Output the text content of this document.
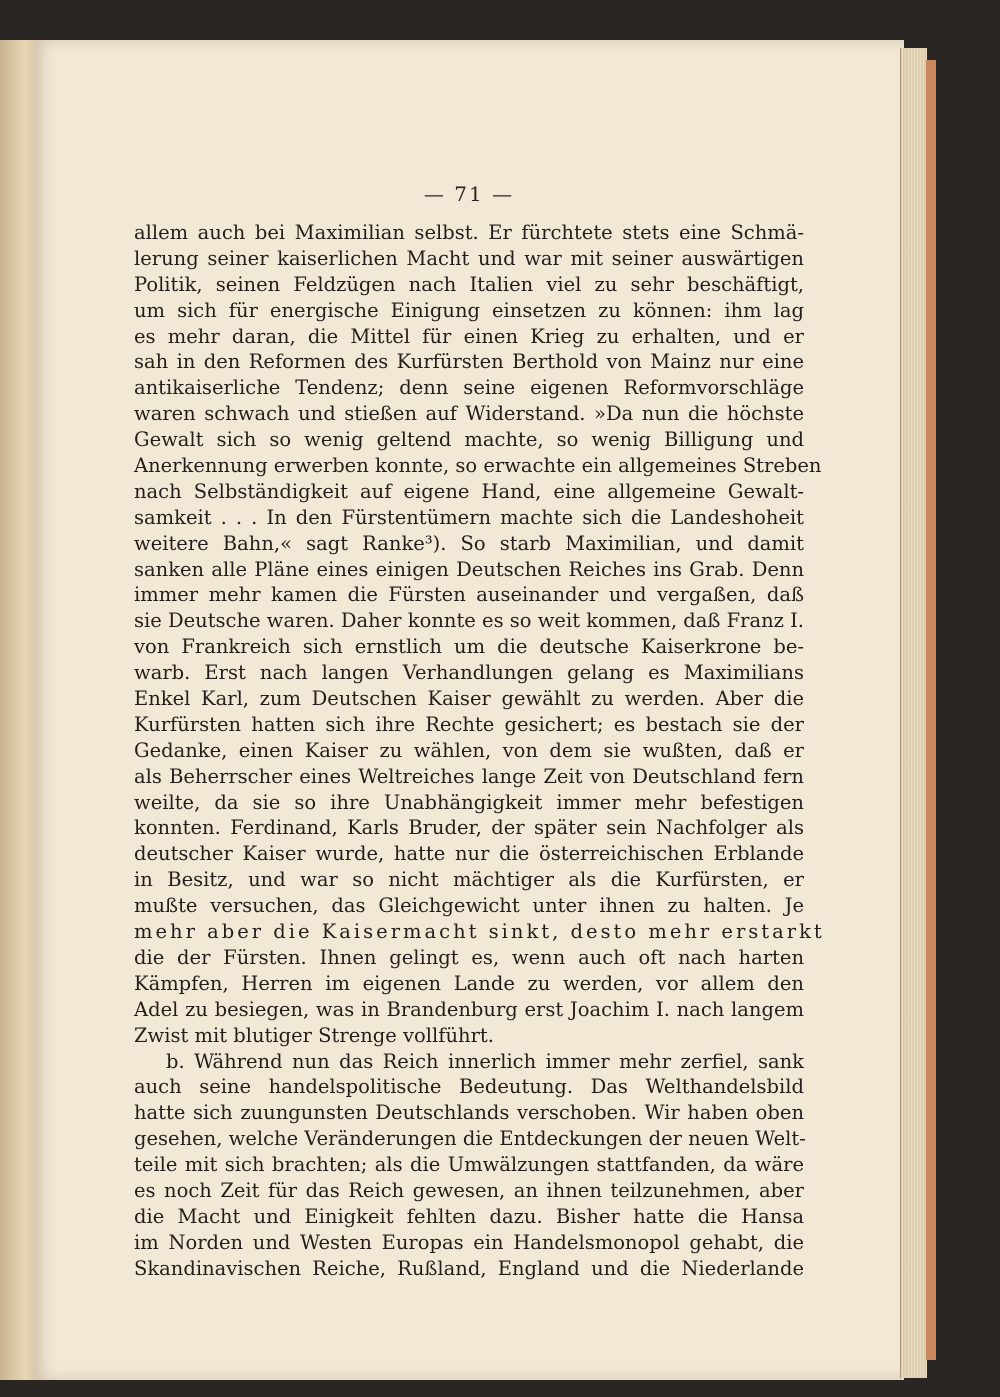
— 71 —
allem auch bei Maximilian selbst. Er fürchtete stets eine Schmä-
lerung seiner kaiserlichen Macht und war mit seiner auswärtigen
Politik, seinen Feldzügen nach Italien viel zu sehr beschäftigt,
um sich für energische Einigung einsetzen zu können: ihm lag
es mehr daran, die Mittel für einen Krieg zu erhalten, und er
sah in den Reformen des Kurfürsten Berthold von Mainz nur eine
antikaiserliche Tendenz; denn seine eigenen Reformvorschläge
waren schwach und stießen auf Widerstand. »Da nun die höchste
Gewalt sich so wenig geltend machte, so wenig Billigung und
Anerkennung erwerben konnte, so erwachte ein allgemeines Streben
nach Selbständigkeit auf eigene Hand, eine allgemeine Gewalt-
samkeit . . . In den Fürstentümern machte sich die Landeshoheit
weitere Bahn,« sagt Ranke³). So starb Maximilian, und damit
sanken alle Pläne eines einigen Deutschen Reiches ins Grab. Denn
immer mehr kamen die Fürsten auseinander und vergaßen, daß
sie Deutsche waren. Daher konnte es so weit kommen, daß Franz I.
von Frankreich sich ernstlich um die deutsche Kaiserkrone be-
warb. Erst nach langen Verhandlungen gelang es Maximilians
Enkel Karl, zum Deutschen Kaiser gewählt zu werden. Aber die
Kurfürsten hatten sich ihre Rechte gesichert; es bestach sie der
Gedanke, einen Kaiser zu wählen, von dem sie wußten, daß er
als Beherrscher eines Weltreiches lange Zeit von Deutschland fern
weilte, da sie so ihre Unabhängigkeit immer mehr befestigen
konnten. Ferdinand, Karls Bruder, der später sein Nachfolger als
deutscher Kaiser wurde, hatte nur die österreichischen Erblande
in Besitz, und war so nicht mächtiger als die Kurfürsten, er
mußte versuchen, das Gleichgewicht unter ihnen zu halten. Je
mehr aber die Kaisermacht sinkt, desto mehr erstarkt
die der Fürsten. Ihnen gelingt es, wenn auch oft nach harten
Kämpfen, Herren im eigenen Lande zu werden, vor allem den
Adel zu besiegen, was in Brandenburg erst Joachim I. nach langem
Zwist mit blutiger Strenge vollführt.
b. Während nun das Reich innerlich immer mehr zerfiel, sank
auch seine handelspolitische Bedeutung. Das Welthandelsbild
hatte sich zuungunsten Deutschlands verschoben. Wir haben oben
gesehen, welche Veränderungen die Entdeckungen der neuen Welt-
teile mit sich brachten; als die Umwälzungen stattfanden, da wäre
es noch Zeit für das Reich gewesen, an ihnen teilzunehmen, aber
die Macht und Einigkeit fehlten dazu. Bisher hatte die Hansa
im Norden und Westen Europas ein Handelsmonopol gehabt, die
Skandinavischen Reiche, Rußland, England und die Niederlande
